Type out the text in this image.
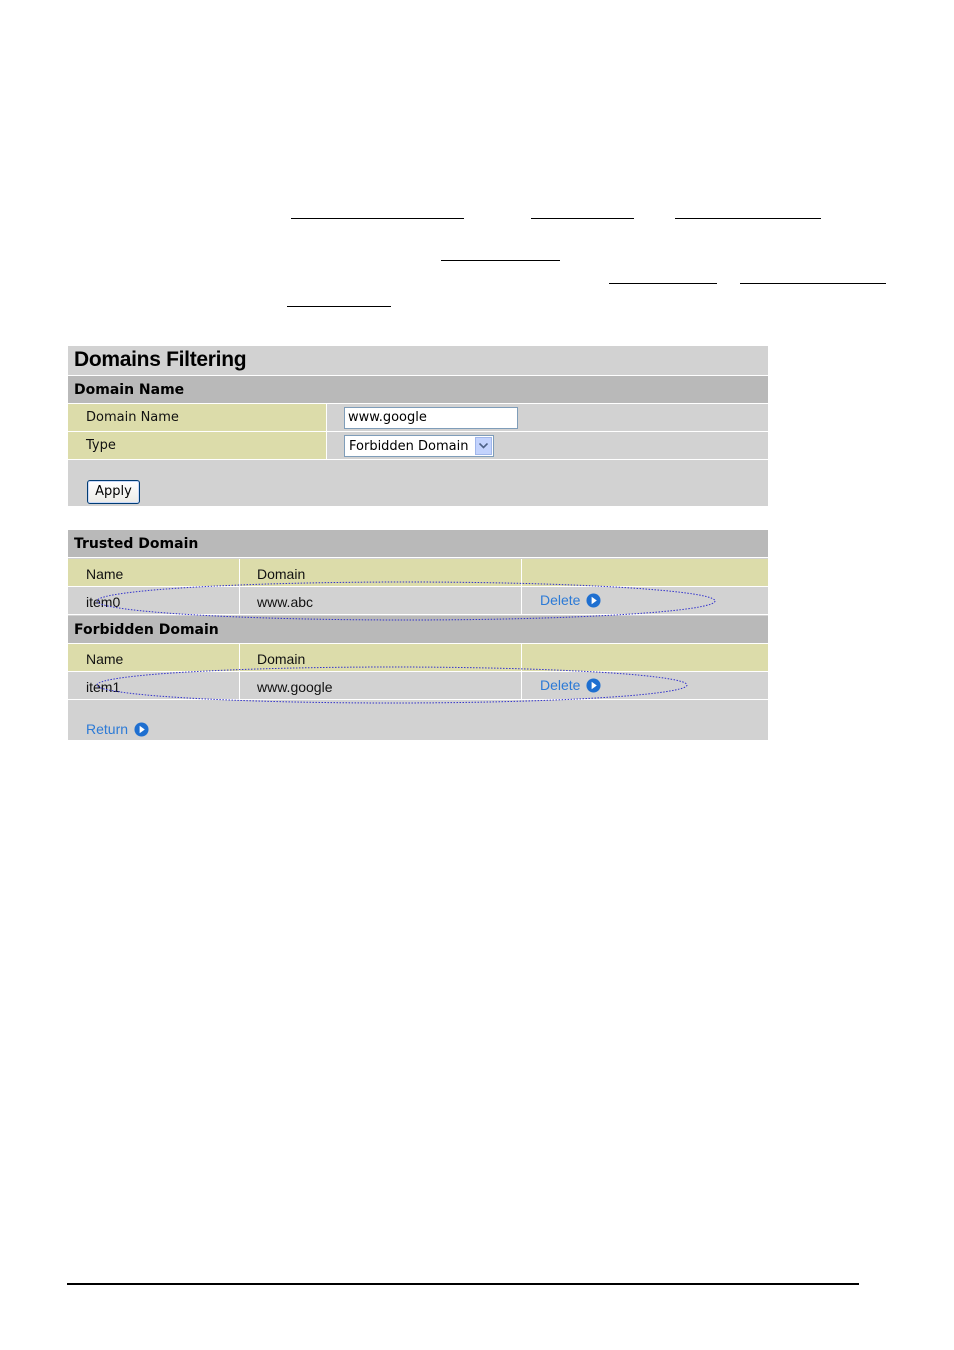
Domains Filtering
Domain Name
Domain Name	www.google
Type	Forbidden Domain
Apply
Trusted Domain
Name	Domain
item0	www.abc	Delete
Forbidden Domain
Name	Domain
item1	www.google	Delete
Return
